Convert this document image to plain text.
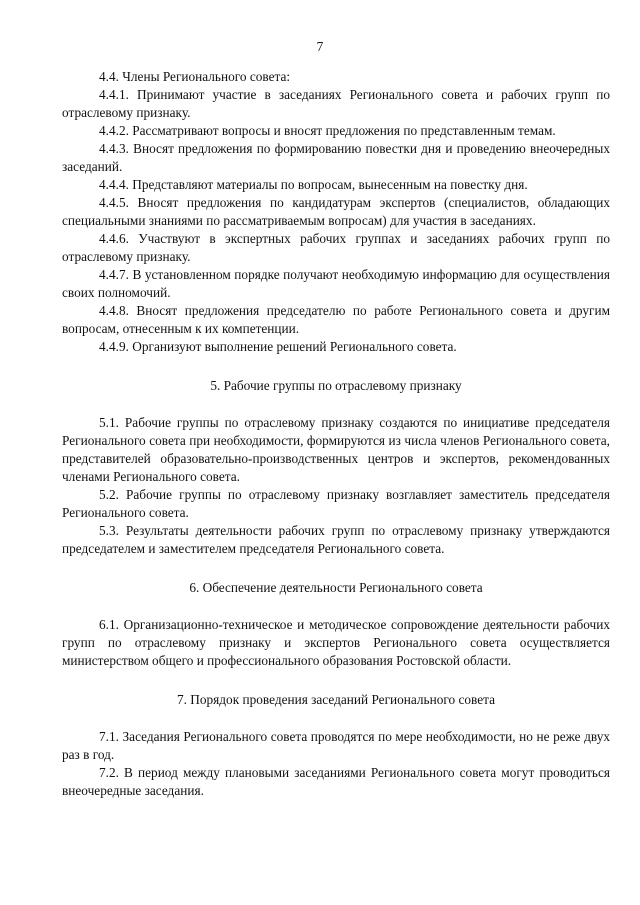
7

4.4. Члены Регионального совета:

4.4.1. Принимают участие в заседаниях Регионального совета и рабочих групп по отраслевому признаку.

4.4.2. Рассматривают вопросы и вносят предложения по представленным темам.

4.4.3. Вносят предложения по формированию повестки дня и проведению внеочередных заседаний.

4.4.4. Представляют материалы по вопросам, вынесенным на повестку дня.

4.4.5. Вносят предложения по кандидатурам экспертов (специалистов, обладающих специальными знаниями по рассматриваемым вопросам) для участия в заседаниях.

4.4.6. Участвуют в экспертных рабочих группах и заседаниях рабочих групп по отраслевому признаку.

4.4.7. В установленном порядке получают необходимую информацию для осуществления своих полномочий.

4.4.8. Вносят предложения председателю по работе Регионального совета и другим вопросам, отнесенным к их компетенции.

4.4.9. Организуют выполнение решений Регионального совета.

5. Рабочие группы по отраслевому признаку

5.1. Рабочие группы по отраслевому признаку создаются по инициативе председателя Регионального совета при необходимости, формируются из числа членов Регионального совета, представителей образовательно-производственных центров и экспертов, рекомендованных членами Регионального совета.

5.2. Рабочие группы по отраслевому признаку возглавляет заместитель председателя Регионального совета.

5.3. Результаты деятельности рабочих групп по отраслевому признаку утверждаются председателем и заместителем председателя Регионального совета.

6. Обеспечение деятельности Регионального совета

6.1. Организационно-техническое и методическое сопровождение деятельности рабочих групп по отраслевому признаку и экспертов Регионального совета осуществляется министерством общего и профессионального образования Ростовской области.

7. Порядок проведения заседаний Регионального совета

7.1. Заседания Регионального совета проводятся по мере необходимости, но не реже двух раз в год.

7.2. В период между плановыми заседаниями Регионального совета могут проводиться внеочередные заседания.
